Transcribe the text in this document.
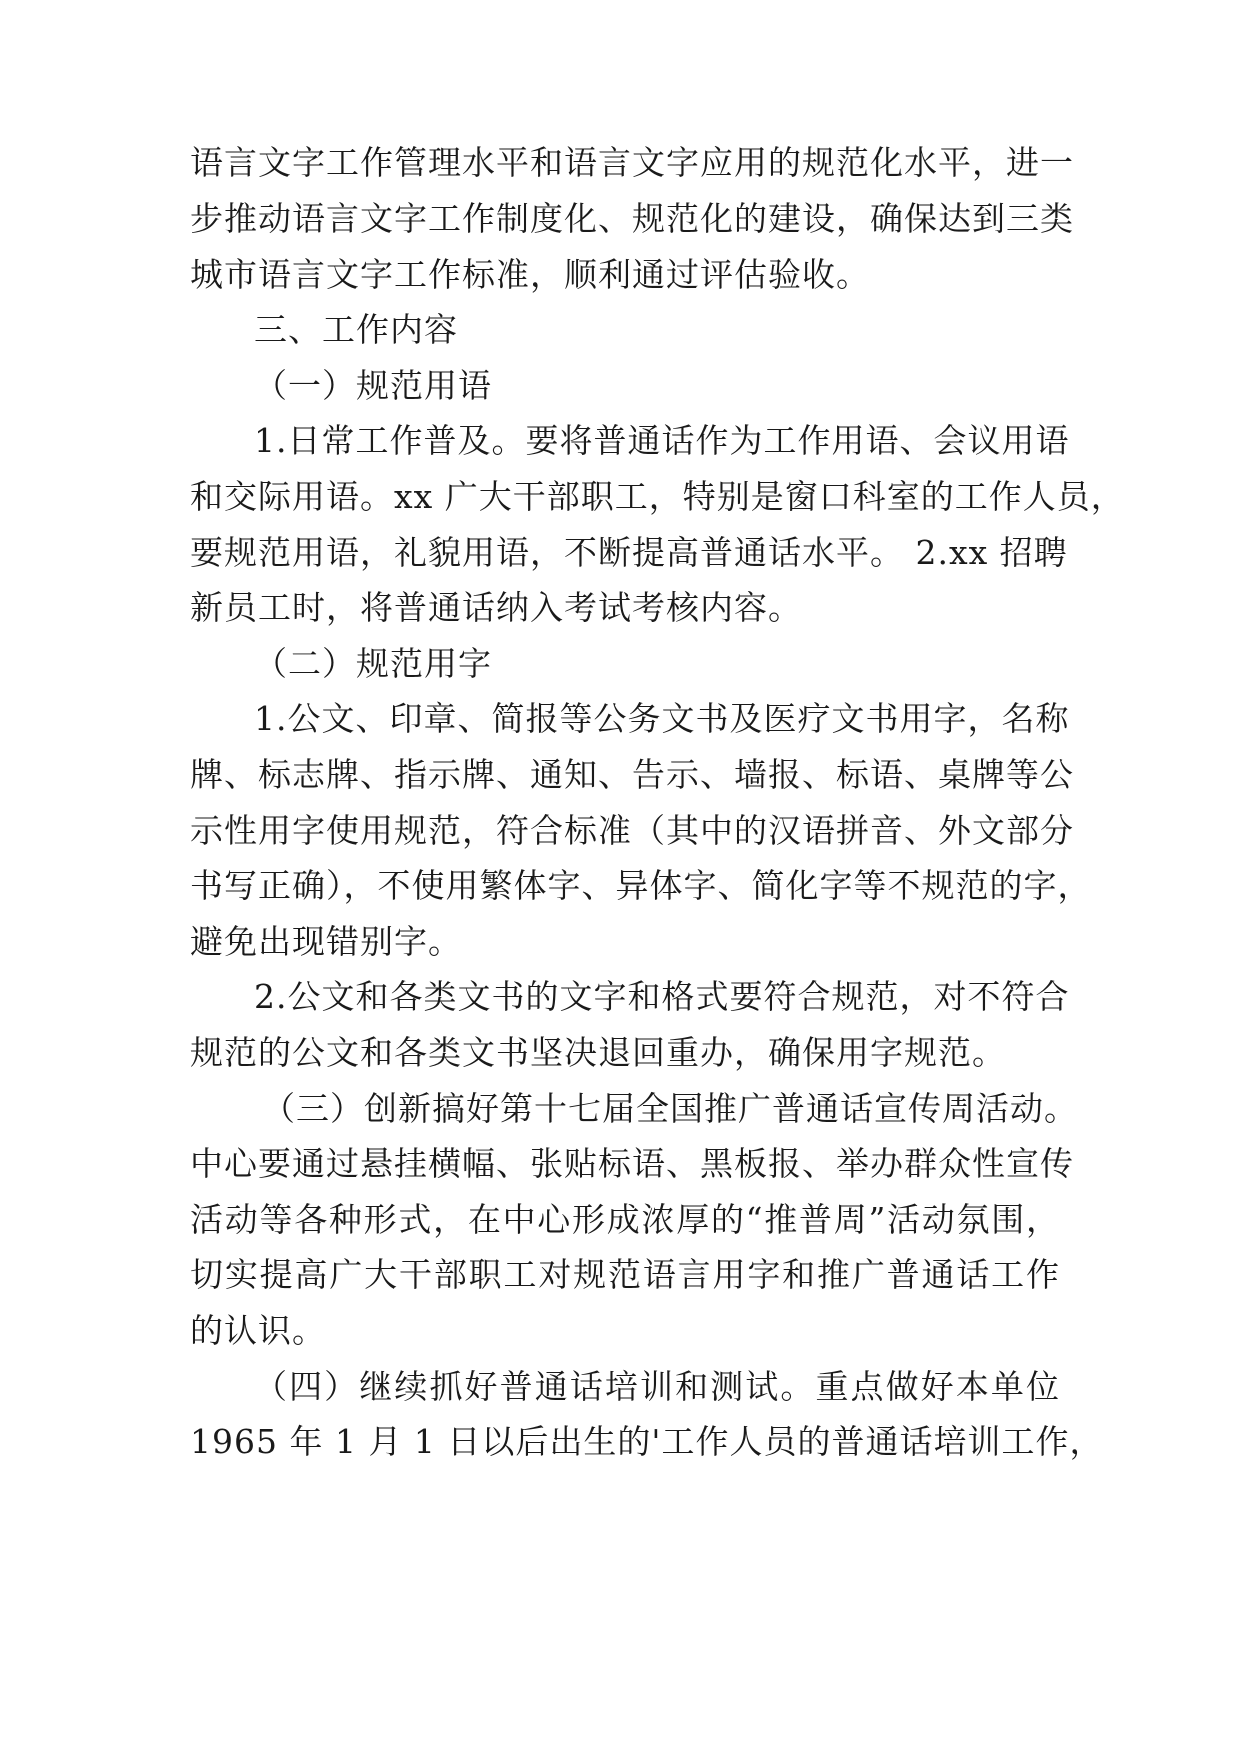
语言文字工作管理水平和语言文字应用的规范化水平，进一

步推动语言文字工作制度化、规范化的建设，确保达到三类

城市语言文字工作标准，顺利通过评估验收。

三、工作内容

（一）规范用语

1.日常工作普及。要将普通话作为工作用语、会议用语

和交际用语。xx 广大干部职工，特别是窗口科室的工作人员，

要规范用语，礼貌用语，不断提高普通话水平。 2.xx 招聘

新员工时，将普通话纳入考试考核内容。

（二）规范用字

1.公文、印章、简报等公务文书及医疗文书用字，名称

牌、标志牌、指示牌、通知、告示、墙报、标语、桌牌等公

示性用字使用规范，符合标准（其中的汉语拼音、外文部分

书写正确），不使用繁体字、异体字、简化字等不规范的字，

避免出现错别字。

2.公文和各类文书的文字和格式要符合规范，对不符合

规范的公文和各类文书坚决退回重办，确保用字规范。

（三）创新搞好第十七届全国推广普通话宣传周活动。

中心要通过悬挂横幅、张贴标语、黑板报、举办群众性宣传

活动等各种形式，在中心形成浓厚的“推普周”活动氛围，

切实提高广大干部职工对规范语言用字和推广普通话工作

的认识。

（四）继续抓好普通话培训和测试。重点做好本单位

1965 年 1 月 1 日以后出生的'工作人员的普通话培训工作，
